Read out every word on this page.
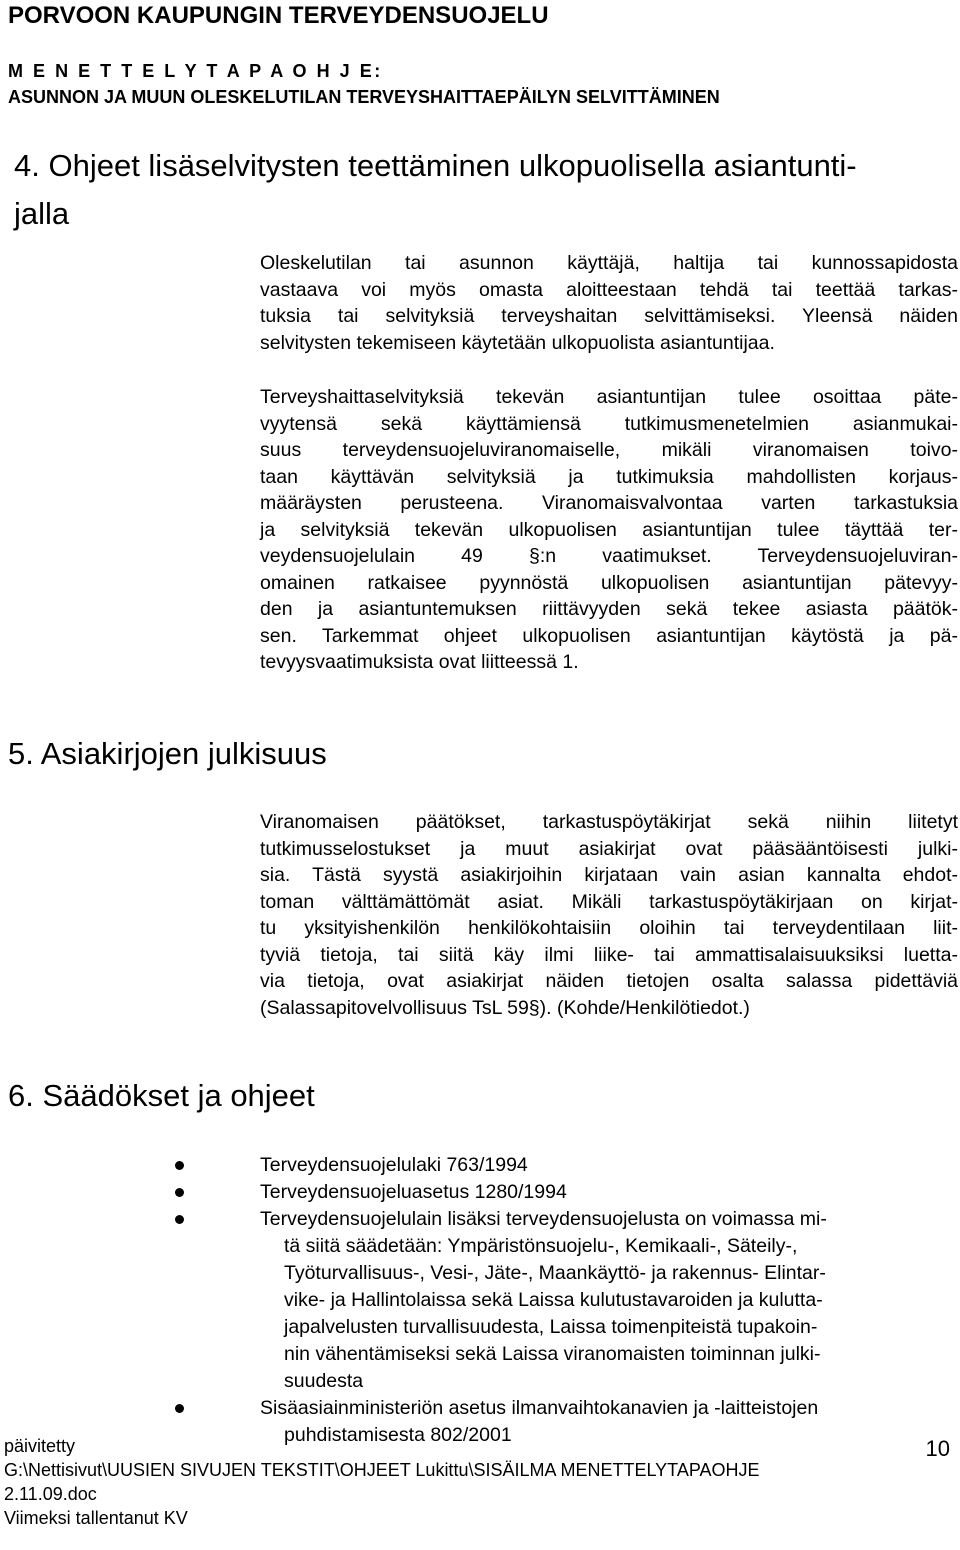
PORVOON KAUPUNGIN TERVEYDENSUOJELU
M E N E T T E L Y T A P A O H J E:
ASUNNON JA MUUN OLESKELUTILAN TERVEYSHAITTAEPÄILYN SELVITTÄMINEN
4. Ohjeet lisäselvitysten teettäminen ulkopuolisella asiantunti-
jalla
Oleskelutilan tai asunnon käyttäjä, haltija tai kunnossapidosta
vastaava voi myös omasta aloitteestaan tehdä tai teettää tarkas-
tuksia tai selvityksiä terveyshaitan selvittämiseksi. Yleensä näiden
selvitysten tekemiseen käytetään ulkopuolista asiantuntijaa.
Terveyshaittaselvityksiä tekevän asiantuntijan tulee osoittaa päte-
vyytensä sekä käyttämiensä tutkimusmenetelmien asianmukai-
suus terveydensuojeluviranomaiselle, mikäli viranomaisen toivo-
taan käyttävän selvityksiä ja tutkimuksia mahdollisten korjaus-
määräysten perusteena. Viranomaisvalvontaa varten tarkastuksia
ja selvityksiä tekevän ulkopuolisen asiantuntijan tulee täyttää ter-
veydensuojelulain 49 §:n vaatimukset. Terveydensuojeluviran-
omainen ratkaisee pyynnöstä ulkopuolisen asiantuntijan pätevyy-
den ja asiantuntemuksen riittävyyden sekä tekee asiasta päätök-
sen. Tarkemmat ohjeet ulkopuolisen asiantuntijan käytöstä ja pä-
tevyysvaatimuksista ovat liitteessä 1.
5. Asiakirjojen julkisuus
Viranomaisen päätökset, tarkastuspöytäkirjat sekä niihin liitetyt
tutkimusselostukset ja muut asiakirjat ovat pääsääntöisesti julki-
sia. Tästä syystä asiakirjoihin kirjataan vain asian kannalta ehdot-
toman välttämättömät asiat. Mikäli tarkastuspöytäkirjaan on kirjat-
tu yksityishenkilön henkilökohtaisiin oloihin tai terveydentilaan liit-
tyviä tietoja, tai siitä käy ilmi liike- tai ammattisalaisuuksiksi luetta-
via tietoja, ovat asiakirjat näiden tietojen osalta salassa pidettäviä
(Salassapitovelvollisuus TsL 59§). (Kohde/Henkilötiedot.)
6. Säädökset ja ohjeet
Terveydensuojelulaki 763/1994
Terveydensuojeluasetus 1280/1994
Terveydensuojelulain lisäksi terveydensuojelusta on voimassa mi-
tä siitä säädetään: Ympäristönsuojelu-, Kemikaali-, Säteily-,
Työturvallisuus-, Vesi-, Jäte-, Maankäyttö- ja rakennus- Elintar-
vike- ja Hallintolaissa sekä Laissa kulutustavaroiden ja kulutta-
japalvelusten turvallisuudesta, Laissa toimenpiteistä tupakoin-
nin vähentämiseksi sekä Laissa viranomaisten toiminnan julki-
suudesta
Sisäasiainministeriön asetus ilmanvaihtokanavien ja -laitteistojen
puhdistamisesta 802/2001
päivitetty
G:\Nettisivut\UUSIEN SIVUJEN TEKSTIT\OHJEET Lukittu\SISÄILMA MENETTELYTAPAOHJE
2.11.09.doc
Viimeksi tallentanut KV
10
